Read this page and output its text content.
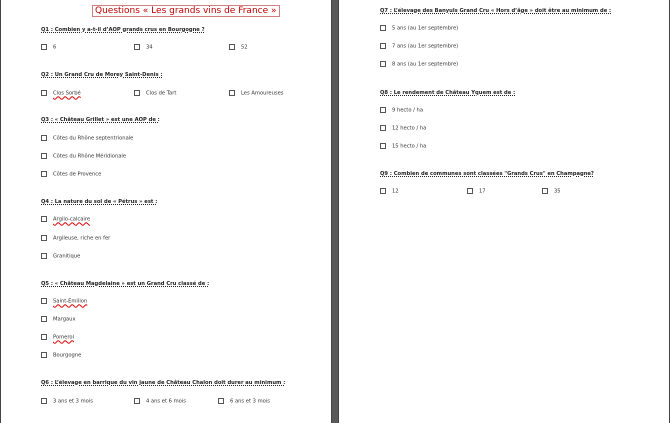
Questions « Les grands vins de France »
Q1 : Combien y a-t-il d’AOP grands crus en Bourgogne ?
6	34	52
Q2 : Un Grand Cru de Morey Saint-Denis :
Clos Sorbé	Clos de Tart	Les Amoureuses
Q3 : « Château Grillet » est une AOP de :
Côtes du Rhône septentrionale
Côtes du Rhône Méridionale
Côtes de Provence
Q4 : La nature du sol de « Pétrus » est :
Argilo-calcaire
Argileuse, riche en fer
Granitique
Q5 : « Château Magdelaine » est un Grand Cru classé de :
Saint-Emilion
Margaux
Pomerol
Bourgogne
Q6 : L’élevage en barrique du vin jaune de Château Chalon doit durer au minimum :
3 ans et 3 mois	4 ans et 6 mois	6 ans et 3 mois
Q7 : L’élevage des Banyuls Grand Cru « Hors d’âge » doit être au minimum de :
5 ans (au 1er septembre)
7 ans (au 1er septembre)
8 ans (au 1er septembre)
Q8 : Le rendement de Château Yquem est de :
9 hecto / ha
12 hecto / ha
15 hecto / ha
Q9 : Combien de communes sont classées "Grands Crus" en Champagne?
12	17	35
